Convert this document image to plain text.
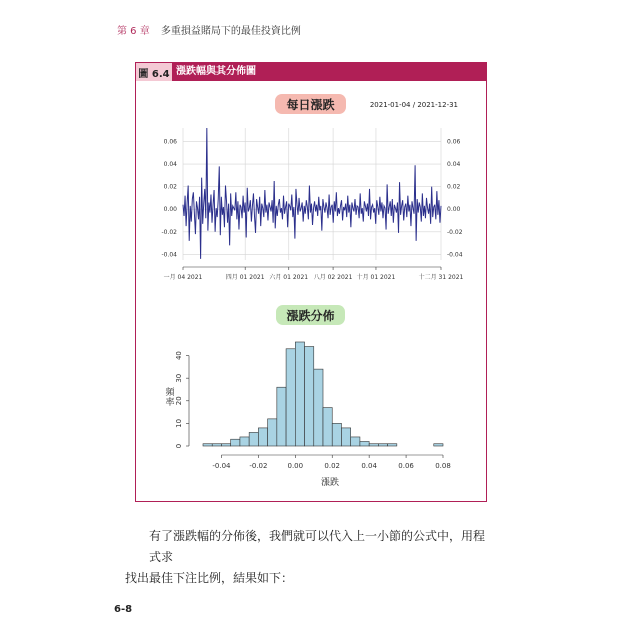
第 6 章 多重損益賭局下的最佳投資比例
圖 6.4 漲跌幅與其分佈圖
每日漲跌	2021-01-04 / 2021-12-31
0.06	0.06
0.04	0.04
0.02	0.02
0.00	0.00
-0.02	-0.02
-0.04	-0.04
一月 04 2021	四月 01 2021 六月 01 2021 八月 02 2021 十月 01 2021	十二月 31 2021
漲跌分佈
0
10
20
30
40
-0.04	-0.02	0.00	0.02	0.04	0.06	0.08
頻率
漲跌
有了漲跌幅的分佈後，我們就可以代入上一小節的公式中，用程式求
找出最佳下注比例，結果如下：
6-8
